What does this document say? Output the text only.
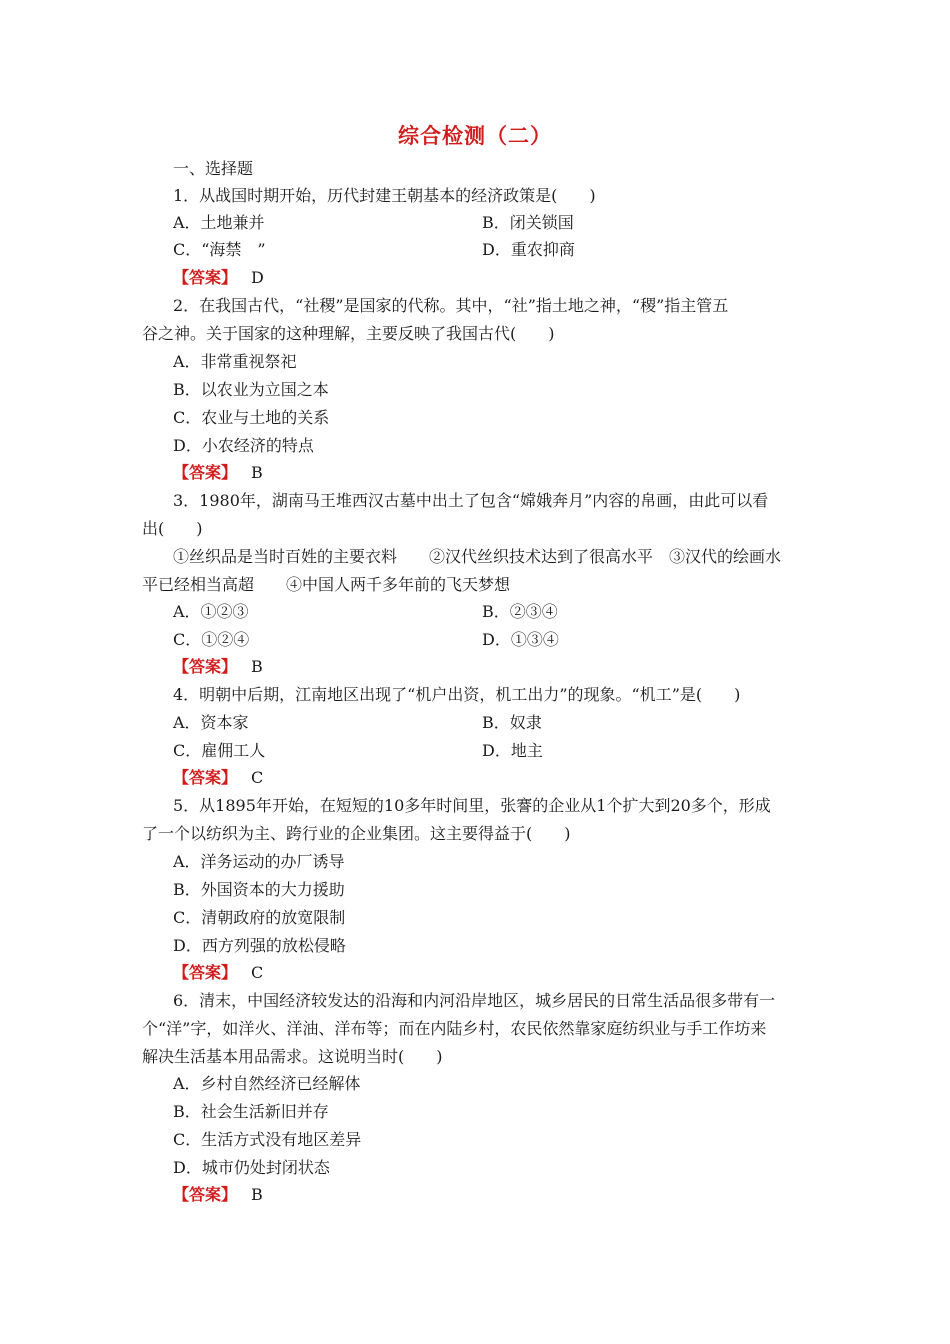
综合检测（二）
一、选择题
1．从战国时期开始，历代封建王朝基本的经济政策是(　　)
A．土地兼并	B．闭关锁国
C．“海禁　”	D．重农抑商
【答案】 D
2．在我国古代，“社稷”是国家的代称。其中，“社”指土地之神，“稷”指主管五
谷之神。关于国家的这种理解，主要反映了我国古代(　　)
A．非常重视祭祀
B．以农业为立国之本
C．农业与土地的关系
D．小农经济的特点
【答案】 B
3．1980年，湖南马王堆西汉古墓中出土了包含“嫦娥奔月”内容的帛画，由此可以看
出(　　)
①丝织品是当时百姓的主要衣料　　②汉代丝织技术达到了很高水平　③汉代的绘画水
平已经相当高超　　④中国人两千多年前的飞天梦想
A．①②③	B．②③④
C．①②④	D．①③④
【答案】 B
4．明朝中后期，江南地区出现了“机户出资，机工出力”的现象。“机工”是(　　)
A．资本家	B．奴隶
C．雇佣工人	D．地主
【答案】 C
5．从1895年开始，在短短的10多年时间里，张謇的企业从1个扩大到20多个，形成
了一个以纺织为主、跨行业的企业集团。这主要得益于(　　)
A．洋务运动的办厂诱导
B．外国资本的大力援助
C．清朝政府的放宽限制
D．西方列强的放松侵略
【答案】 C
6．清末，中国经济较发达的沿海和内河沿岸地区，城乡居民的日常生活品很多带有一
个“洋”字，如洋火、洋油、洋布等；而在内陆乡村，农民依然靠家庭纺织业与手工作坊来
解决生活基本用品需求。这说明当时(　　)
A．乡村自然经济已经解体
B．社会生活新旧并存
C．生活方式没有地区差异
D．城市仍处封闭状态
【答案】 B
